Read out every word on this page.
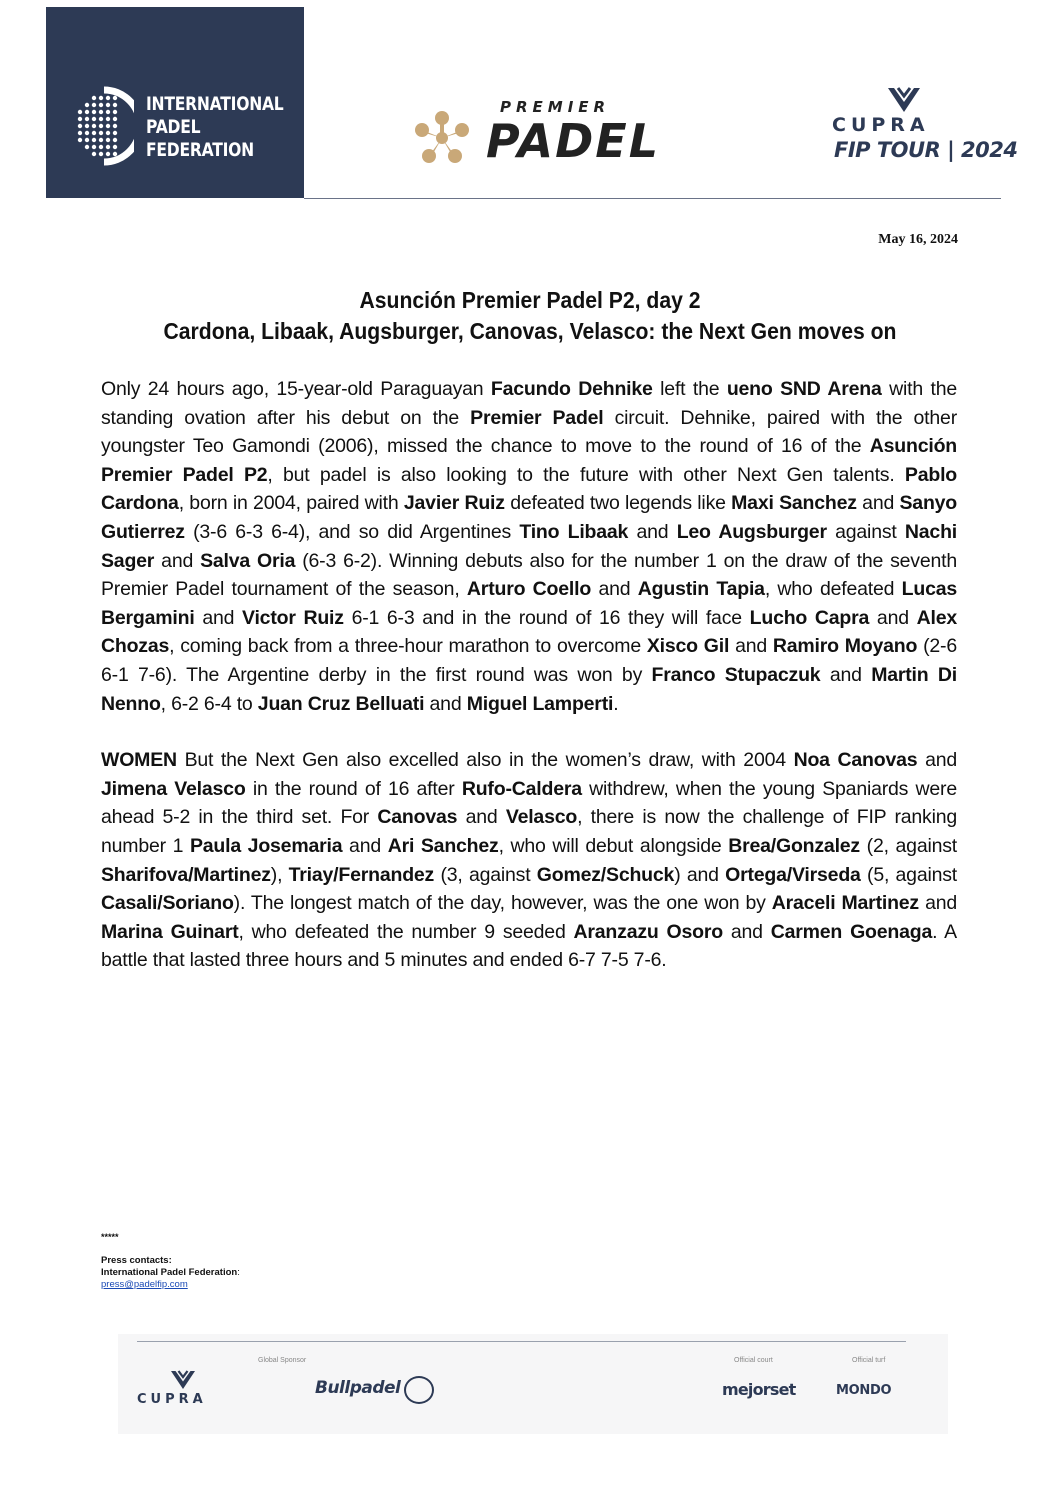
INTERNATIONAL
PADEL
FEDERATION
PREMIER
PADEL	CUPRA
FIP TOUR | 2024
May 16, 2024
Asunción Premier Padel P2, day 2
Cardona, Libaak, Augsburger, Canovas, Velasco: the Next Gen moves on

Only 24 hours ago, 15-year-old Paraguayan Facundo Dehnike left the ueno SND Arena with the standing ovation after his debut on the Premier Padel circuit. Dehnike, paired with the other youngster Teo Gamondi (2006), missed the chance to move to the round of 16 of the Asunción Premier Padel P2, but padel is also looking to the future with other Next Gen talents. Pablo Cardona, born in 2004, paired with Javier Ruiz defeated two legends like Maxi Sanchez and Sanyo Gutierrez (3-6 6-3 6-4), and so did Argentines Tino Libaak and Leo Augsburger against Nachi Sager and Salva Oria (6-3 6-2). Winning debuts also for the number 1 on the draw of the seventh Premier Padel tournament of the season, Arturo Coello and Agustin Tapia, who defeated Lucas Bergamini and Victor Ruiz 6-1 6-3 and in the round of 16 they will face Lucho Capra and Alex Chozas, coming back from a three-hour marathon to overcome Xisco Gil and Ramiro Moyano (2-6 6-1 7-6). The Argentine derby in the first round was won by Franco Stupaczuk and Martin Di Nenno, 6-2 6-4 to Juan Cruz Belluati and Miguel Lamperti.

WOMEN But the Next Gen also excelled also in the women’s draw, with 2004 Noa Canovas and Jimena Velasco in the round of 16 after Rufo-Caldera withdrew, when the young Spaniards were ahead 5-2 in the third set. For Canovas and Velasco, there is now the challenge of FIP ranking number 1 Paula Josemaria and Ari Sanchez, who will debut alongside Brea/Gonzalez (2, against Sharifova/Martinez), Triay/Fernandez (3, against Gomez/Schuck) and Ortega/Virseda (5, against Casali/Soriano). The longest match of the day, however, was the one won by Araceli Martinez and Marina Guinart, who defeated the number 9 seeded Aranzazu Osoro and Carmen Goenaga. A battle that lasted three hours and 5 minutes and ended 6-7 7-5 7-6.

*****
Press contacts:
International Padel Federation:
press@padelfip.com
Global Sponsor	Official court	Official turf
CUPRA
Bullpadel	mejorset	MONDO
